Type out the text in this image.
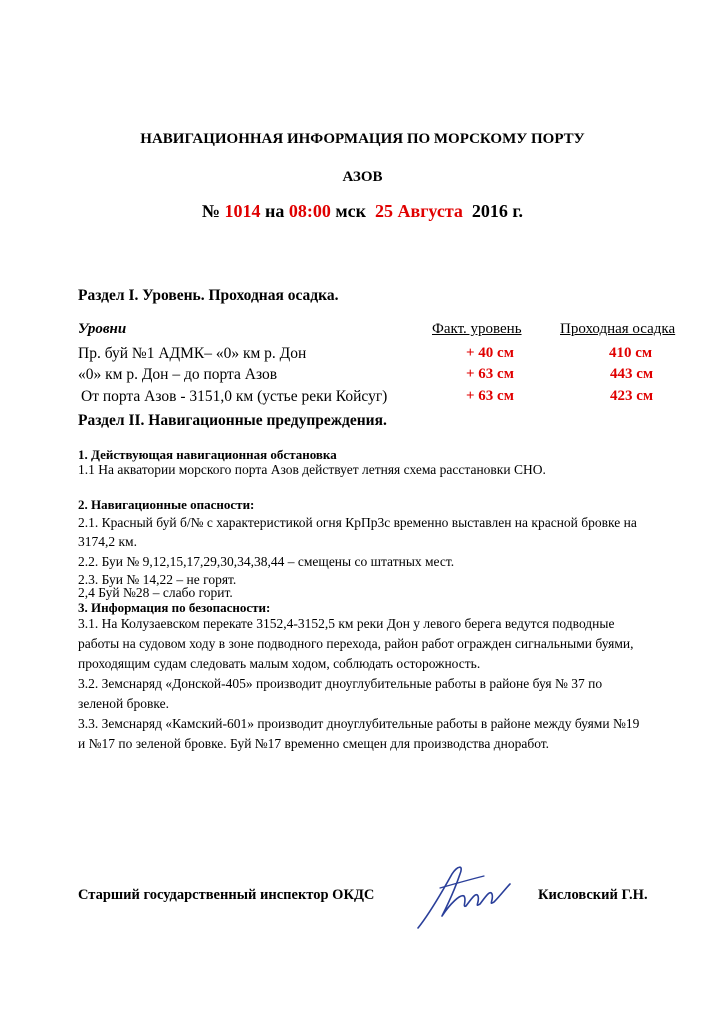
НАВИГАЦИОННАЯ ИНФОРМАЦИЯ ПО МОРСКОМУ ПОРТУ
АЗОВ
№ 1014 на 08:00 мск 25 Августа 2016 г.
Раздел I. Уровень. Проходная осадка.
Уровни	Факт. уровень	Проходная осадка
Пр. буй №1 АДМК– «0» км р. Дон	+ 40 см	410 см
«0» км р. Дон – до порта Азов	+ 63 см	443 см
От порта Азов - 3151,0 км (устье реки Койсуг)	+ 63 см	423 см
Раздел II. Навигационные предупреждения.
1. Действующая навигационная обстановка
1.1 На акватории морского порта Азов действует летняя схема расстановки СНО.
2. Навигационные опасности:
2.1. Красный буй б/№ с характеристикой огня КрПр3с временно выставлен на красной бровке на
3174,2 км.
2.2. Буи № 9,12,15,17,29,30,34,38,44 – смещены со штатных мест.
2.3. Буи № 14,22 – не горят.
2,4 Буй №28 – слабо горит.
3. Информация по безопасности:
3.1. На Колузаевском перекате 3152,4-3152,5 км реки Дон у левого берега ведутся подводные
работы на судовом ходу в зоне подводного перехода, район работ огражден сигнальными буями,
проходящим судам следовать малым ходом, соблюдать осторожность.
3.2. Земснаряд «Донской-405» производит дноуглубительные работы в районе буя № 37 по
зеленой бровке.
3.3. Земснаряд «Камский-601» производит дноуглубительные работы в районе между буями №19
и №17 по зеленой бровке. Буй №17 временно смещен для производства днoработ.
Старший государственный инспектор ОКДС	Кисловский Г.Н.
